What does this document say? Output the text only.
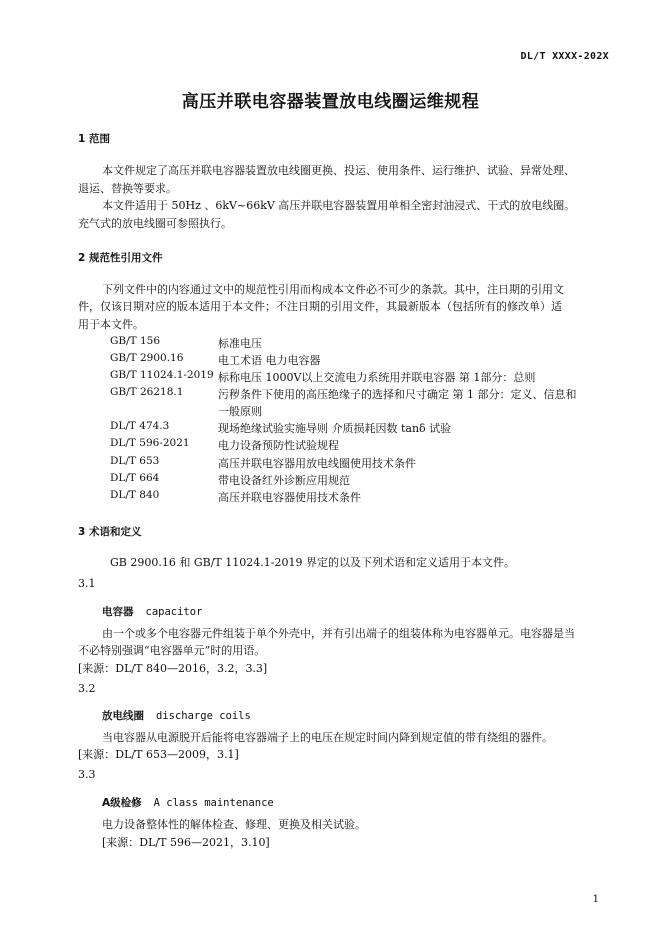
DL/T XXXX-202X
高压并联电容器装置放电线圈运维规程
1 范围
本文件规定了高压并联电容器装置放电线圈更换、投运、使用条件、运行维护、试验、异常处理、
退运、替换等要求。
本文件适用于 50Hz 、6kV~66kV 高压并联电容器装置用单相全密封油浸式、干式的放电线圈。
充气式的放电线圈可参照执行。
2 规范性引用文件
下列文件中的内容通过文中的规范性引用而构成本文件必不可少的条款。其中，注日期的引用文
件，仅该日期对应的版本适用于本文件；不注日期的引用文件，其最新版本（包括所有的修改单）适
用于本文件。
GB/T 156	标准电压
GB/T 2900.16	电工术语 电力电容器
GB/T 11024.1-2019 标称电压 1000V以上交流电力系统用并联电容器 第 1部分：总则
GB/T 26218.1	污秽条件下使用的高压绝缘子的选择和尺寸确定 第 1 部分：定义、信息和
一般原则
DL/T 474.3	现场绝缘试验实施导则 介质损耗因数 tanδ 试验
DL/T 596-2021	电力设备预防性试验规程
DL/T 653	高压并联电容器用放电线圈使用技术条件
DL/T 664	带电设备红外诊断应用规范
DL/T 840	高压并联电容器使用技术条件
3 术语和定义
GB 2900.16 和 GB/T 11024.1-2019 界定的以及下列术语和定义适用于本文件。
3.1
电容器 capacitor
由一个或多个电容器元件组装于单个外壳中，并有引出端子的组装体称为电容器单元。电容器是当
不必特别强调“电容器单元”时的用语。
[来源：DL/T 840—2016，3.2，3.3]
3.2
放电线圈 discharge coils
当电容器从电源脱开后能将电容器端子上的电压在规定时间内降到规定值的带有绕组的器件。
[来源：DL/T 653—2009，3.1]
3.3
A级检修 A class maintenance
电力设备整体性的解体检查、修理、更换及相关试验。
[来源：DL/T 596—2021，3.10]
1
